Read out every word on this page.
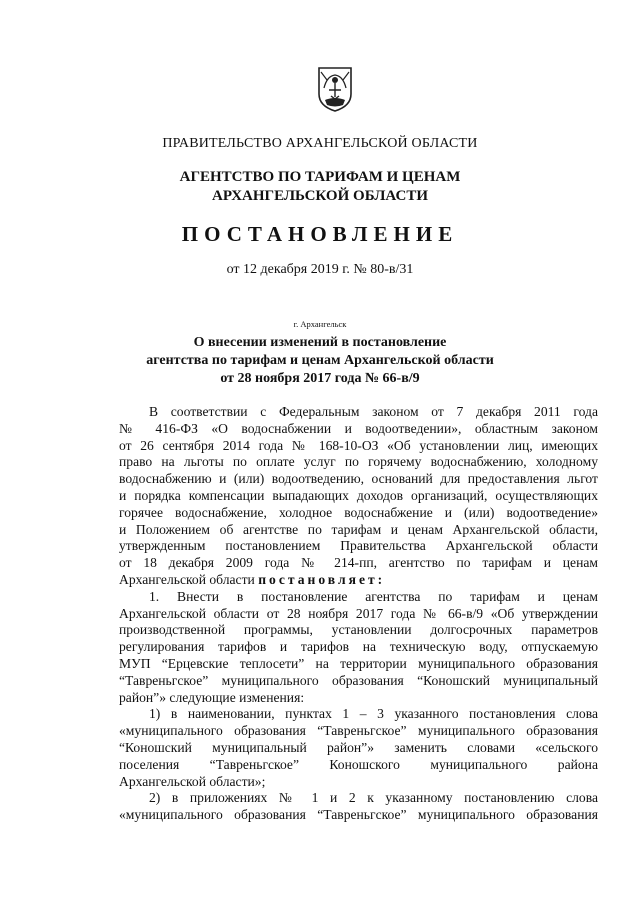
ПРАВИТЕЛЬСТВО АРХАНГЕЛЬСКОЙ ОБЛАСТИ
АГЕНТСТВО ПО ТАРИФАМ И ЦЕНАМ
АРХАНГЕЛЬСКОЙ ОБЛАСТИ
ПОСТАНОВЛЕНИЕ
от 12 декабря 2019 г. № 80-в/31
г. Архангельск
О внесении изменений в постановление
агентства по тарифам и ценам Архангельской области
от 28 ноября 2017 года № 66-в/9
В соответствии с Федеральным законом от 7 декабря 2011 года
№ 416-ФЗ «О водоснабжении и водоотведении», областным законом
от 26 сентября 2014 года № 168-10-ОЗ «Об установлении лиц, имеющих
право на льготы по оплате услуг по горячему водоснабжению, холодному
водоснабжению и (или) водоотведению, оснований для предоставления льгот
и порядка компенсации выпадающих доходов организаций, осуществляющих
горячее водоснабжение, холодное водоснабжение и (или) водоотведение»
и Положением об агентстве по тарифам и ценам Архангельской области,
утвержденным постановлением Правительства Архангельской области
от 18 декабря 2009 года № 214-пп, агентство по тарифам и ценам
Архангельской области постановляет:
1. Внести в постановление агентства по тарифам и ценам
Архангельской области от 28 ноября 2017 года № 66-в/9 «Об утверждении
производственной программы, установлении долгосрочных параметров
регулирования тарифов и тарифов на техническую воду, отпускаемую
МУП “Ерцевские теплосети” на территории муниципального образования
“Тавреньгское” муниципального образования “Коношский муниципальный
район”» следующие изменения:
1) в наименовании, пунктах 1 – 3 указанного постановления слова
«муниципального образования “Тавреньгское” муниципального образования
“Коношский муниципальный район”» заменить словами «сельского
поселения “Тавреньгское” Коношского муниципального района
Архангельской области»;
2) в приложениях № 1 и 2 к указанному постановлению слова
«муниципального образования “Тавреньгское” муниципального образования
